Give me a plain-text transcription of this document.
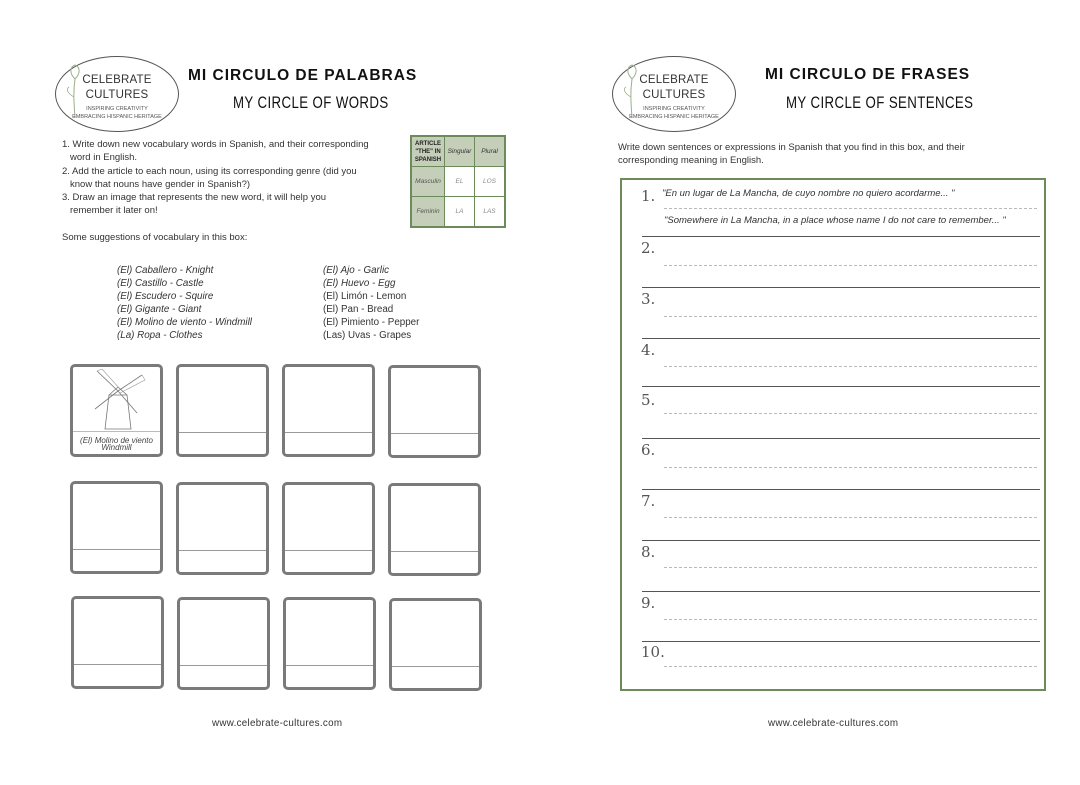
CELEBRATE
CULTURES
INSPIRING CREATIVITY
EMBRACING HISPANIC HERITAGE
MI CIRCULO DE PALABRAS
MY CIRCLE OF WORDS
1. Write down new vocabulary words in Spanish, and their corresponding
word in English.
2. Add the article to each noun, using its corresponding genre (did you
know that nouns have gender in Spanish?)
3. Draw an image that represents the new word, it will help you
remember it later on!
ARTICLE
"THE" IN
SPANISH	Singular	Plural
Masculin	EL	LOS
Feminin	LA	LAS
Some suggestions of vocabulary in this box:
(El) Caballero - Knight
(El) Castillo - Castle
(El) Escudero - Squire
(El) Gigante - Giant
(El) Molino de viento - Windmill
(La) Ropa - Clothes
(El) Ajo - Garlic
(El) Huevo - Egg
(El) Limón - Lemon
(El) Pan - Bread
(El) Pimiento - Pepper
(Las) Uvas - Grapes
(El) Molino de viento
Windmill
www.celebrate-cultures.com
CELEBRATE
CULTURES
INSPIRING CREATIVITY
EMBRACING HISPANIC HERITAGE
MI CIRCULO DE FRASES
MY CIRCLE OF SENTENCES
Write down sentences or expressions in Spanish that you find in this box, and their
corresponding meaning in English.
1. "En un lugar de La Mancha, de cuyo nombre no quiero acordarme... "
"Somewhere in La Mancha, in a place whose name I do not care to remember... "
2.
3.
4.
5.
6.
7.
8.
9.
10.
www.celebrate-cultures.com
